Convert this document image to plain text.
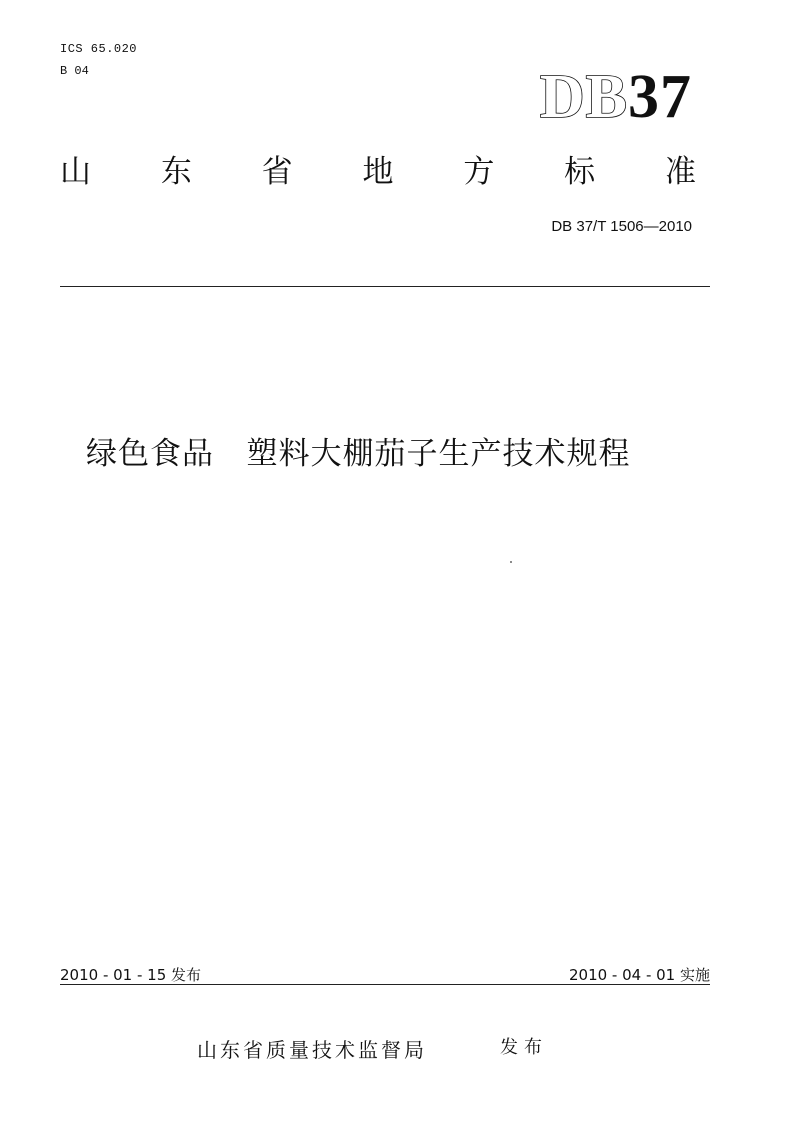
ICS 65.020
B 04	DB37
山 东 省 地 方 标 准
DB 37/T 1506—2010
绿色食品   塑料大棚茄子生产技术规程
2010 - 01 - 15 发布	2010 - 04 - 01 实施
山东省质量技术监督局	发布
